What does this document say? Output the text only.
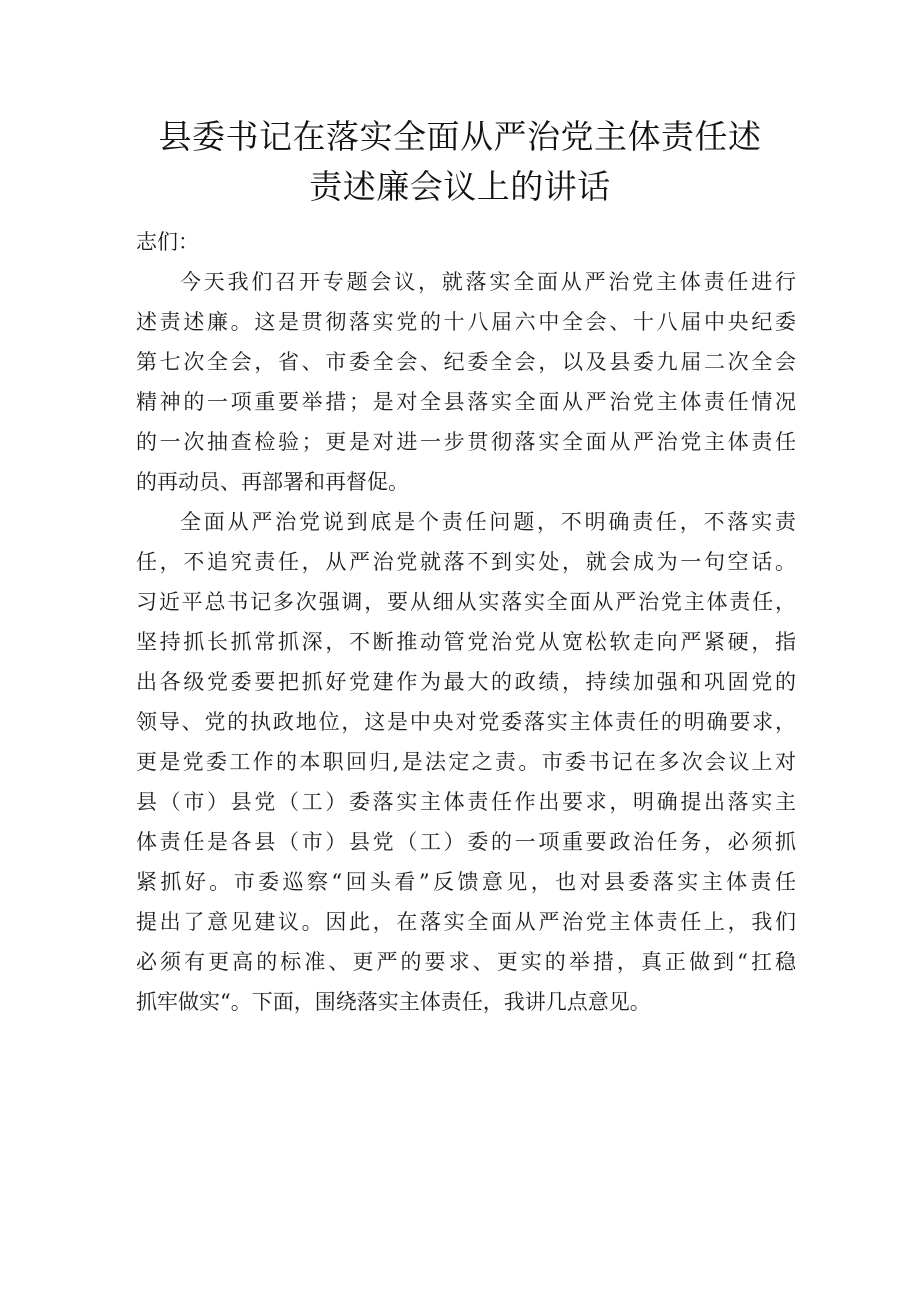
县委书记在落实全面从严治党主体责任述
责述廉会议上的讲话

志们：

今天我们召开专题会议，就落实全面从严治党主体责任进行
述责述廉。这是贯彻落实党的十八届六中全会、十八届中央纪委
第七次全会，省、市委全会、纪委全会，以及县委九届二次全会
精神的一项重要举措；是对全县落实全面从严治党主体责任情况
的一次抽查检验；更是对进一步贯彻落实全面从严治党主体责任
的再动员、再部署和再督促。

全面从严治党说到底是个责任问题，不明确责任，不落实责
任，不追究责任，从严治党就落不到实处，就会成为一句空话。
习近平总书记多次强调，要从细从实落实全面从严治党主体责任，
坚持抓长抓常抓深，不断推动管党治党从宽松软走向严紧硬，指
出各级党委要把抓好党建作为最大的政绩，持续加强和巩固党的
领导、党的执政地位，这是中央对党委落实主体责任的明确要求，
更是党委工作的本职回归,是法定之责。市委书记在多次会议上对
县（市）县党（工）委落实主体责任作出要求，明确提出落实主
体责任是各县（市）县党（工）委的一项重要政治任务，必须抓
紧抓好。市委巡察“回头看”反馈意见，也对县委落实主体责任
提出了意见建议。因此，在落实全面从严治党主体责任上，我们
必须有更高的标准、更严的要求、更实的举措，真正做到“扛稳
抓牢做实“。下面，围绕落实主体责任，我讲几点意见。
